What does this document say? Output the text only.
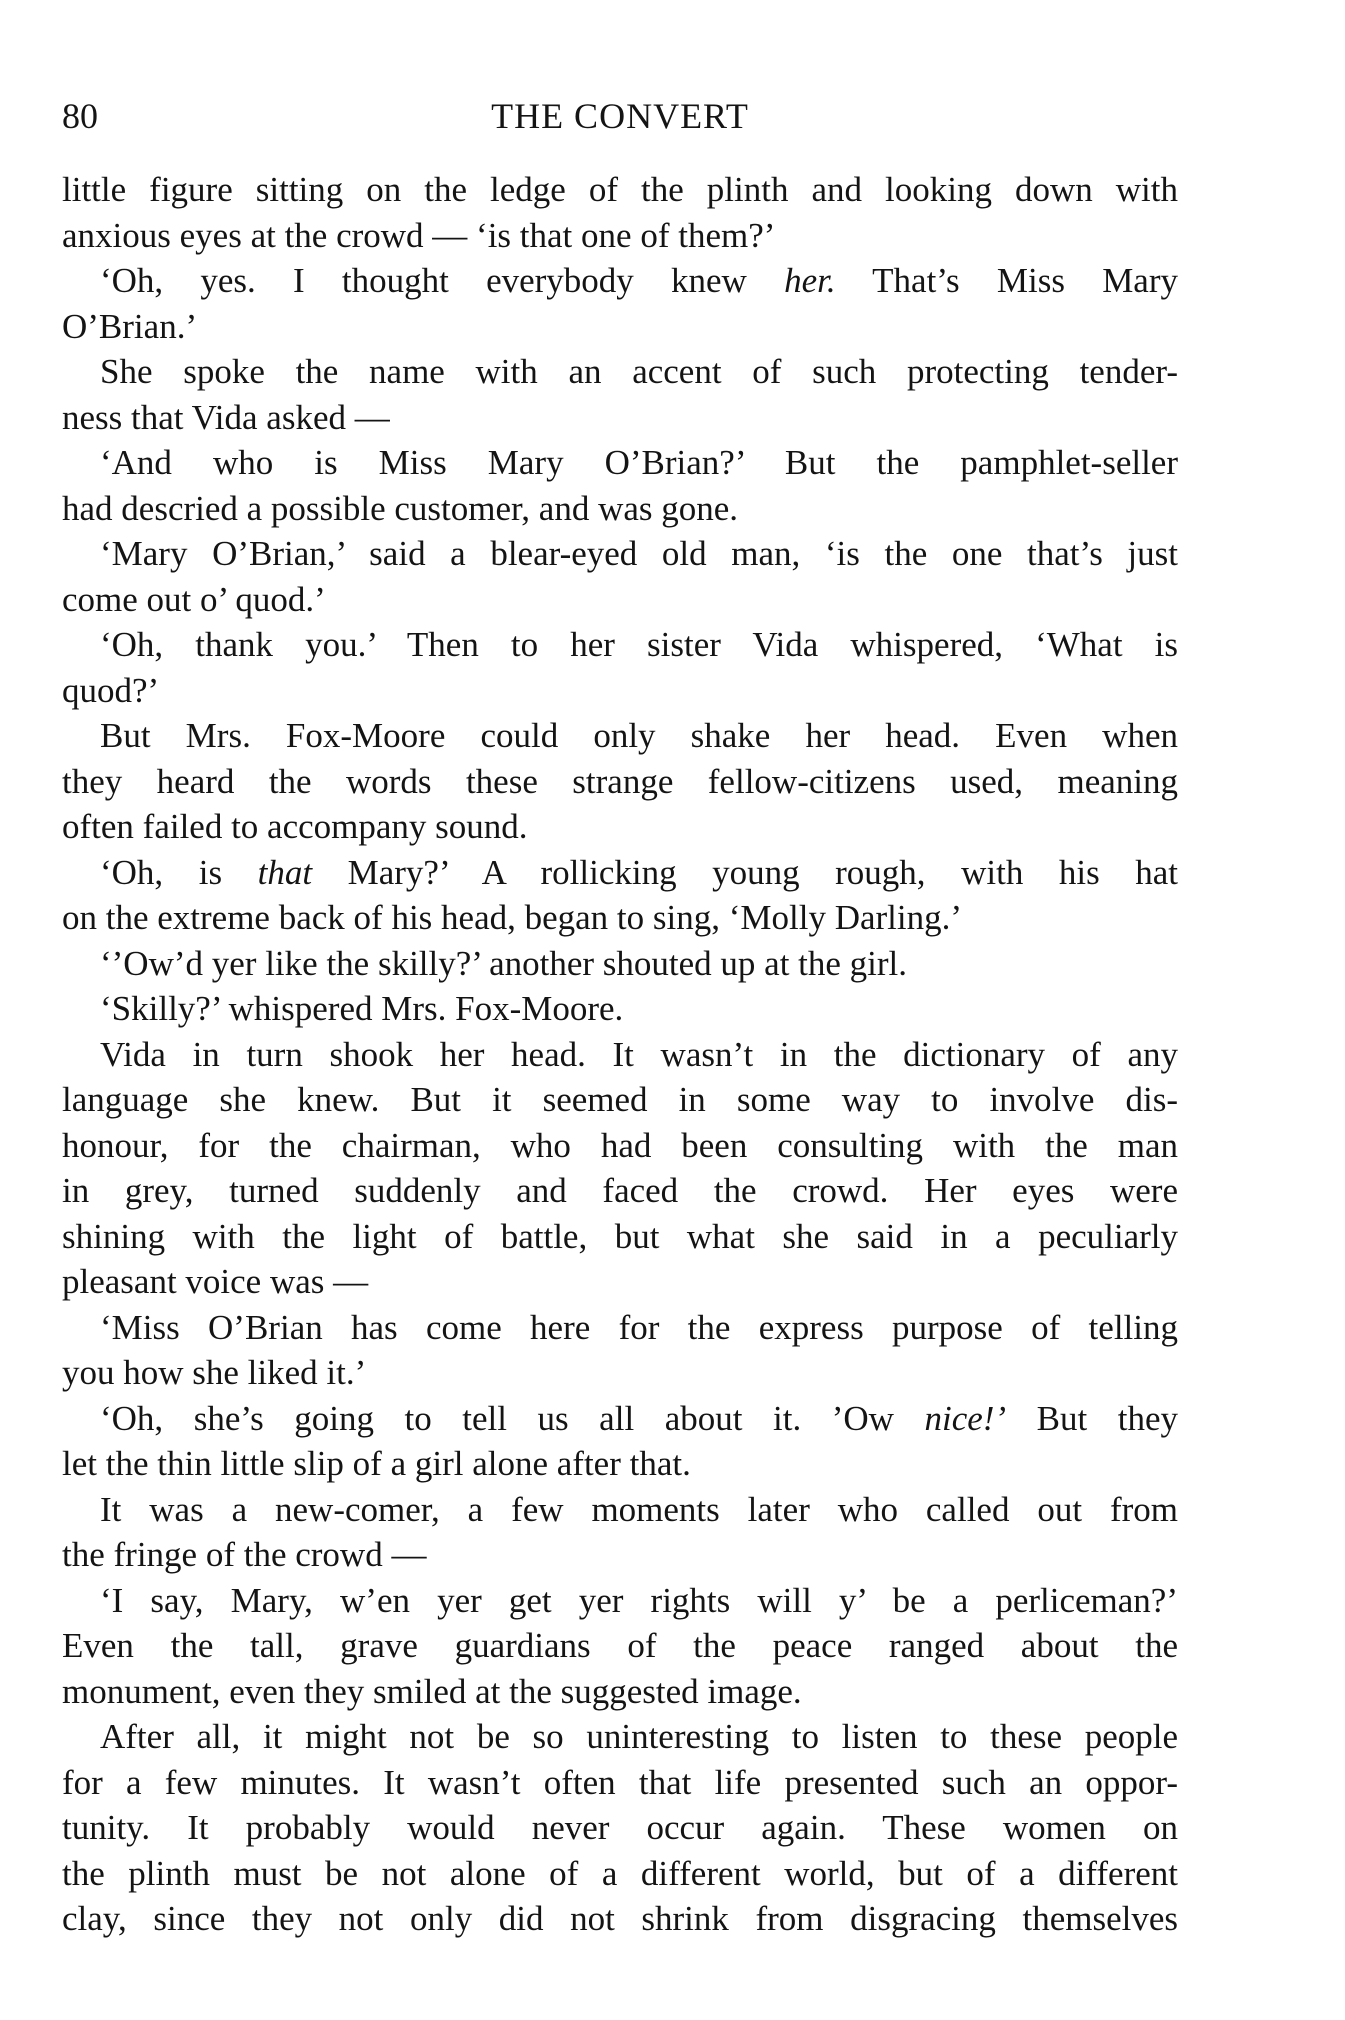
80	THE CONVERT
little figure sitting on the ledge of the plinth and looking down with
anxious eyes at the crowd — ‘is that one of them?’
‘Oh, yes. I thought everybody knew her. That’s Miss Mary
O’Brian.’
She spoke the name with an accent of such protecting tender-
ness that Vida asked —
‘And who is Miss Mary O’Brian?’ But the pamphlet-seller
had descried a possible customer, and was gone.
‘Mary O’Brian,’ said a blear-eyed old man, ‘is the one that’s just
come out o’ quod.’
‘Oh, thank you.’ Then to her sister Vida whispered, ‘What is
quod?’
But Mrs. Fox-Moore could only shake her head. Even when
they heard the words these strange fellow-citizens used, meaning
often failed to accompany sound.
‘Oh, is that Mary?’ A rollicking young rough, with his hat
on the extreme back of his head, began to sing, ‘Molly Darling.’
‘’Ow’d yer like the skilly?’ another shouted up at the girl.
‘Skilly?’ whispered Mrs. Fox-Moore.
Vida in turn shook her head. It wasn’t in the dictionary of any
language she knew. But it seemed in some way to involve dis-
honour, for the chairman, who had been consulting with the man
in grey, turned suddenly and faced the crowd. Her eyes were
shining with the light of battle, but what she said in a peculiarly
pleasant voice was —
‘Miss O’Brian has come here for the express purpose of telling
you how she liked it.’
‘Oh, she’s going to tell us all about it. ’Ow nice!’ But they
let the thin little slip of a girl alone after that.
It was a new-comer, a few moments later who called out from
the fringe of the crowd —
‘I say, Mary, w’en yer get yer rights will y’ be a perliceman?’
Even the tall, grave guardians of the peace ranged about the
monument, even they smiled at the suggested image.
After all, it might not be so uninteresting to listen to these people
for a few minutes. It wasn’t often that life presented such an oppor-
tunity. It probably would never occur again. These women on
the plinth must be not alone of a different world, but of a different
clay, since they not only did not shrink from disgracing themselves
